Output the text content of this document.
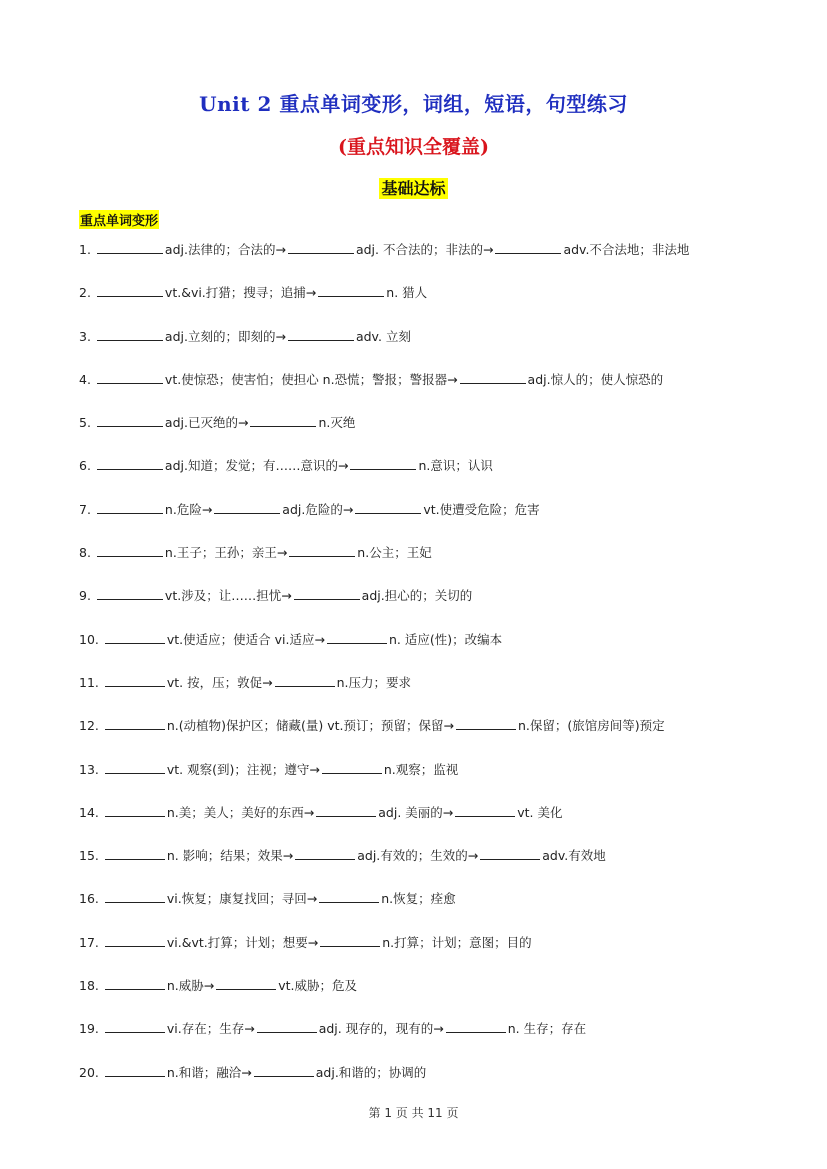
Unit 2 重点单词变形，词组，短语，句型练习
(重点知识全覆盖)
基础达标
重点单词变形
1.	adj.法律的；合法的→	adj. 不合法的；非法的→	adv.不合法地；非法地
2.	vt.&vi.打猎；搜寻；追捕→	n. 猎人
3.	adj.立刻的；即刻的→	adv. 立刻
4.	vt.使惊恐；使害怕；使担心 n.恐慌；警报；警报器→	adj.惊人的；使人惊恐的
5.	adj.已灭绝的→	n.灭绝
6.	adj.知道；发觉；有……意识的→	n.意识；认识
7.	n.危险→	adj.危险的→	vt.使遭受危险；危害
8.	n.王子；王孙；亲王→	n.公主；王妃
9.	vt.涉及；让……担忧→	adj.担心的；关切的
10.	vt.使适应；使适合 vi.适应→	n. 适应(性)；改编本
11.	vt. 按，压；敦促→	n.压力；要求
12.	n.(动植物)保护区；储藏(量) vt.预订；预留；保留→	n.保留；(旅馆房间等)预定
13.	vt. 观察(到)；注视；遵守→	n.观察；监视
14.	n.美；美人；美好的东西→	adj. 美丽的→	vt. 美化
15.	n. 影响；结果；效果→	adj.有效的；生效的→	adv.有效地
16.	vi.恢复；康复找回；寻回→	n.恢复；痊愈
17.	vi.&vt.打算；计划；想要→	n.打算；计划；意图；目的
18.	n.威胁→	vt.威胁；危及
19.	vi.存在；生存→	adj. 现存的，现有的→	n. 生存；存在
20.	n.和谐；融洽→	adj.和谐的；协调的
第 1 页 共 11 页
